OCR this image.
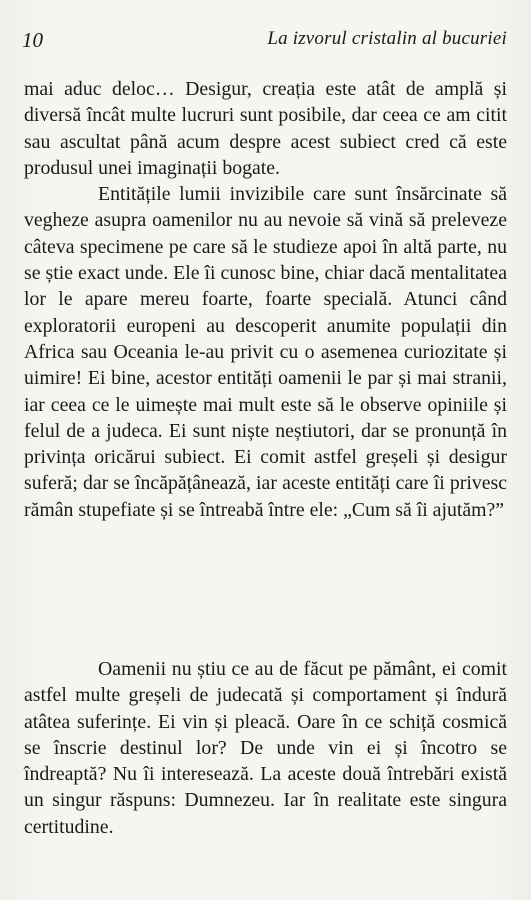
10	La izvorul cristalin al bucuriei

mai aduc deloc… Desigur, creația este atât de amplă și diversă încât multe lucruri sunt posibile, dar ceea ce am citit sau ascultat până acum despre acest subiect cred că este produsul unei imaginații bogate.

Entitățile lumii invizibile care sunt însărcinate să vegheze asupra oamenilor nu au nevoie să vină să preleveze câteva specimene pe care să le studieze apoi în altă parte, nu se știe exact unde. Ele îi cunosc bine, chiar dacă mentalitatea lor le apare mereu foarte, foarte specială. Atunci când exploratorii europeni au descoperit anumite populații din Africa sau Oceania le-au privit cu o asemenea curiozitate și uimire! Ei bine, acestor entități oamenii le par și mai stranii, iar ceea ce le uimește mai mult este să le observe opiniile și felul de a judeca. Ei sunt niște neștiutori, dar se pronunță în privința oricărui subiect. Ei comit astfel greșeli și desigur suferă; dar se încăpățânează, iar aceste entități care îi privesc rămân stupefiate și se întreabă între ele: „Cum să îi ajutăm?”

Oamenii nu știu ce au de făcut pe pământ, ei comit astfel multe greșeli de judecată și comportament și îndură atâtea suferințe. Ei vin și pleacă. Oare în ce schiță cosmică se înscrie destinul lor? De unde vin ei și încotro se îndreaptă? Nu îi interesează. La aceste două întrebări există un singur răspuns: Dumnezeu. Iar în realitate este singura certitudine.
